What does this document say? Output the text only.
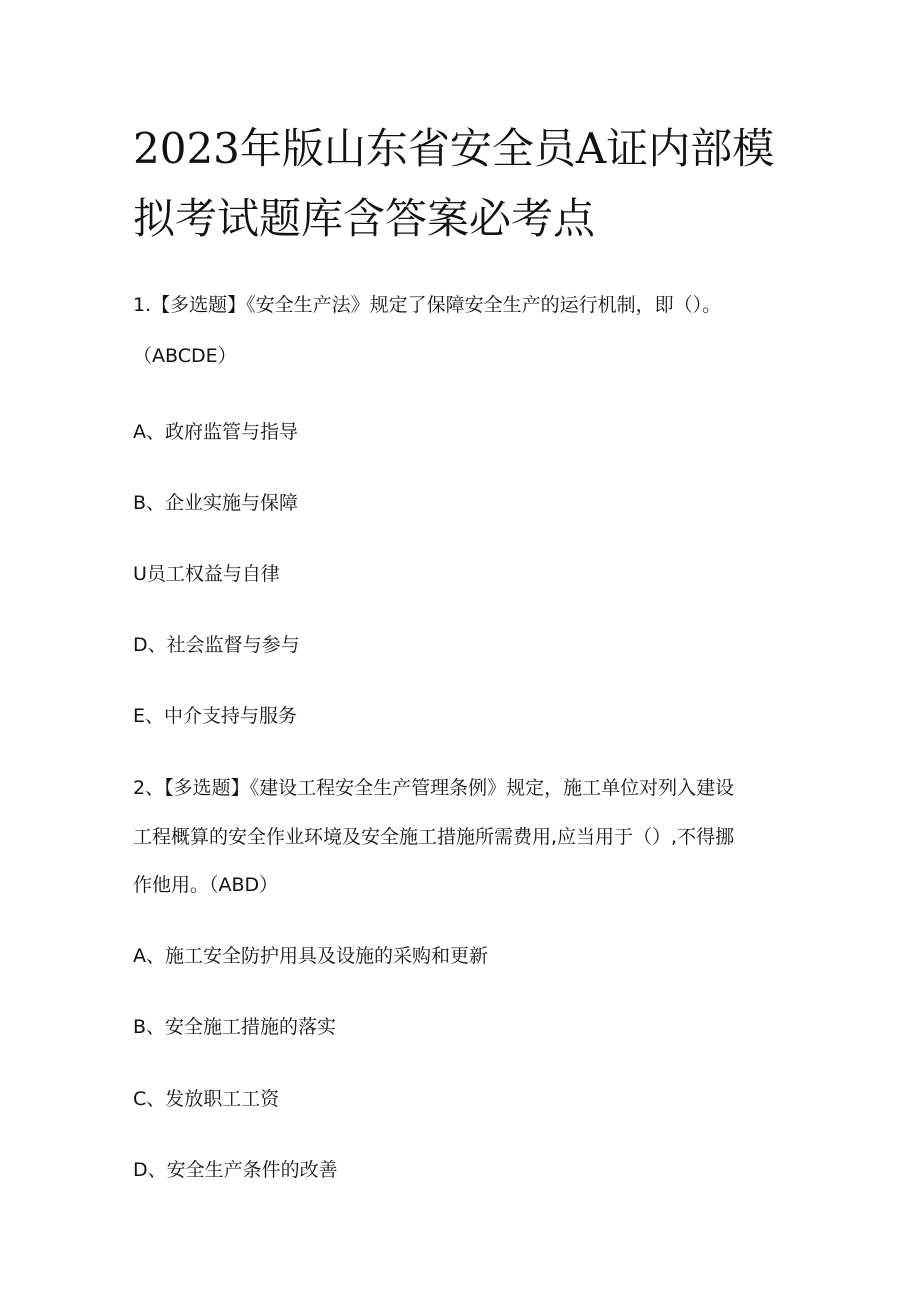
2023年版山东省安全员A证内部模
拟考试题库含答案必考点

1.【多选题】《安全生产法》规定了保障安全生产的运行机制，即（）。

（ABCDE）

A、政府监管与指导

B、企业实施与保障

U员工权益与自律

D、社会监督与参与

E、中介支持与服务

2、【多选题】《建设工程安全生产管理条例》规定，施工单位对列入建设

工程概算的安全作业环境及安全施工措施所需费用,应当用于（）,不得挪

作他用。（ABD）

A、施工安全防护用具及设施的采购和更新

B、安全施工措施的落实

C、发放职工工资

D、安全生产条件的改善
